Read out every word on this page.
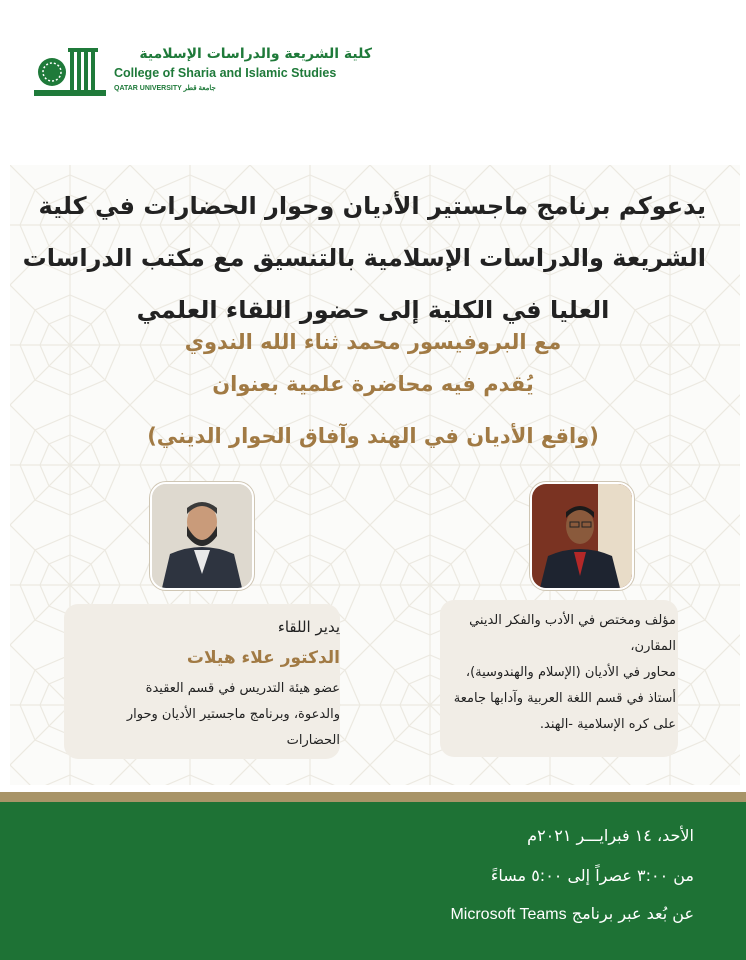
كلية الشريعة والدراسات الإسلامية
College of Sharia and Islamic Studies
QATAR UNIVERSITY جامعة قطر
يدعوكم برنامج ماجستير الأديان وحوار الحضارات في كلية
الشريعة والدراسات الإسلامية بالتنسيق مع مكتب الدراسات
العليا في الكلية إلى حضور اللقاء العلمي
مع البروفيسور محمد ثناء الله الندوي
يُقدم فيه محاضرة علمية بعنوان
(واقع الأديان في الهند وآفاق الحوار الديني)
يدير اللقاء
الدكتور علاء هيلات
عضو هيئة التدريس في قسم العقيدة
والدعوة، وبرنامج ماجستير الأديان وحوار
الحضارات
مؤلف ومختص في الأدب والفكر الديني
المقارن،
محاور في الأديان (الإسلام والهندوسية)،
أستاذ في قسم اللغة العربية وآدابها جامعة
على كره الإسلامية -الهند.
الأحد، ١٤ فبرايـــر ٢٠٢١م
من ٣:٠٠ عصراً إلى ٥:٠٠ مساءً
عن بُعد عبر برنامج Microsoft Teams
